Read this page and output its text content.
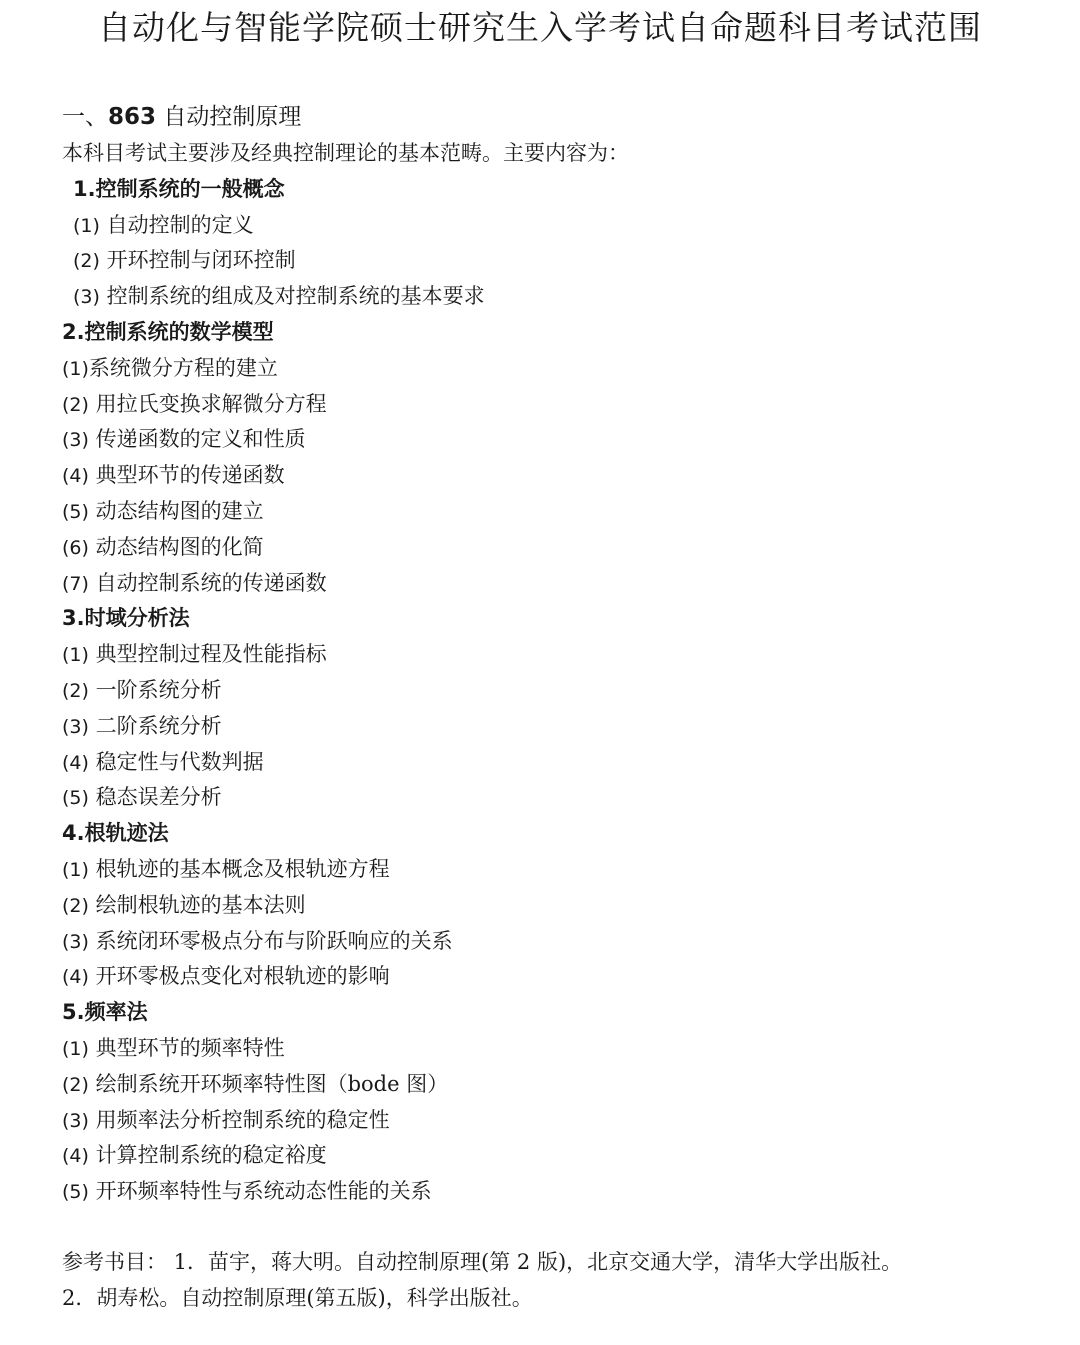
自动化与智能学院硕士研究生入学考试自命题科目考试范围
一、863 自动控制原理
本科目考试主要涉及经典控制理论的基本范畴。主要内容为：
1.控制系统的一般概念
(1) 自动控制的定义
(2) 开环控制与闭环控制
(3) 控制系统的组成及对控制系统的基本要求
2.控制系统的数学模型
(1)系统微分方程的建立
(2) 用拉氏变换求解微分方程
(3) 传递函数的定义和性质
(4) 典型环节的传递函数
(5) 动态结构图的建立
(6) 动态结构图的化简
(7) 自动控制系统的传递函数
3.时域分析法
(1) 典型控制过程及性能指标
(2) 一阶系统分析
(3) 二阶系统分析
(4) 稳定性与代数判据
(5) 稳态误差分析
4.根轨迹法
(1) 根轨迹的基本概念及根轨迹方程
(2) 绘制根轨迹的基本法则
(3) 系统闭环零极点分布与阶跃响应的关系
(4) 开环零极点变化对根轨迹的影响
5.频率法
(1) 典型环节的频率特性
(2) 绘制系统开环频率特性图（bode 图）
(3) 用频率法分析控制系统的稳定性
(4) 计算控制系统的稳定裕度
(5) 开环频率特性与系统动态性能的关系
参考书目： 1．苗宇，蒋大明。自动控制原理(第 2 版)，北京交通大学，清华大学出版社。
2．胡寿松。自动控制原理(第五版)，科学出版社。
